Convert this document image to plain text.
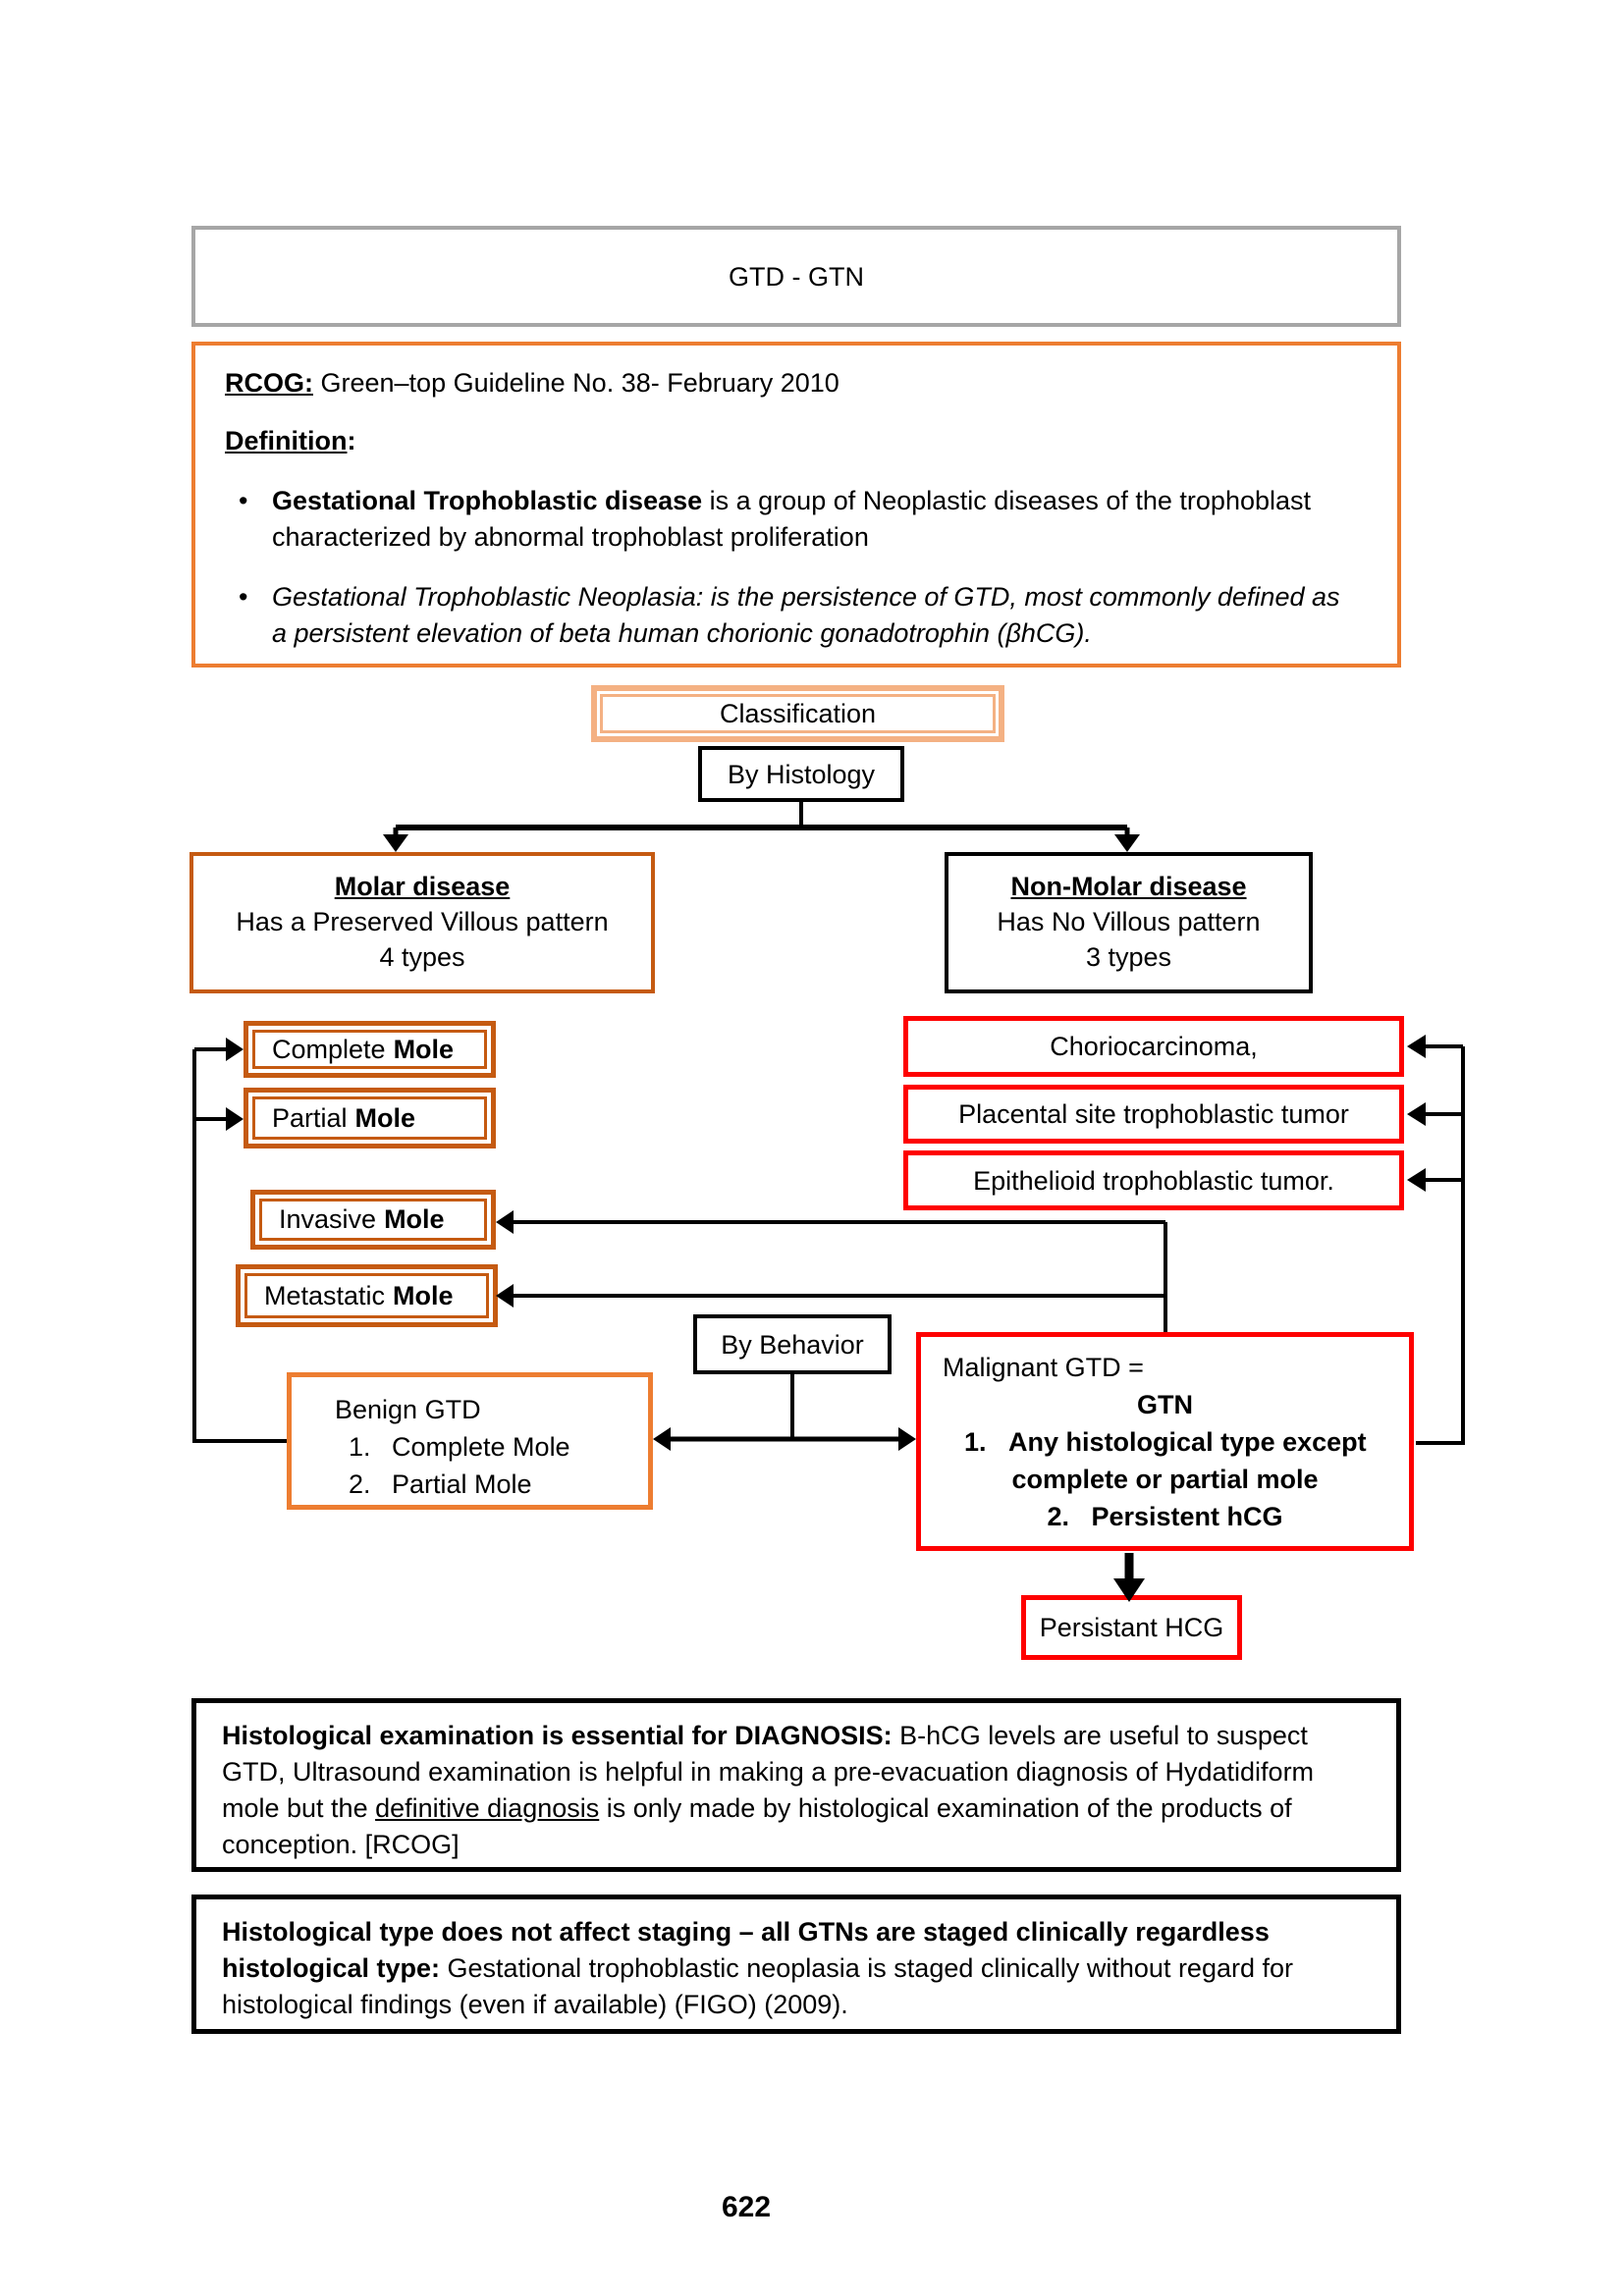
GTD - GTN

RCOG: Green–top Guideline No. 38- February 2010

Definition:

• Gestational Trophoblastic disease is a group of Neoplastic diseases of the trophoblast characterized by abnormal trophoblast proliferation
• Gestational Trophoblastic Neoplasia: is the persistence of GTD, most commonly defined as a persistent elevation of beta human chorionic gonadotrophin (βhCG).
Classification
By Histology
Molar disease
Has a Preserved Villous pattern
4 types
Non-Molar disease
Has No Villous pattern
3 types
Complete Mole
Partial Mole
Invasive Mole
Metastatic Mole
Choriocarcinoma,
Placental site trophoblastic tumor
Epithelioid trophoblastic tumor.
By Behavior
Benign GTD
1. Complete Mole
2. Partial Mole
Malignant GTD =
GTN
1. Any histological type except
complete or partial mole
2. Persistent hCG
Persistant HCG
Histological examination is essential for DIAGNOSIS: B-hCG levels are useful to suspect GTD, Ultrasound examination is helpful in making a pre-evacuation diagnosis of Hydatidiform mole but the definitive diagnosis is only made by histological examination of the products of conception. [RCOG]
Histological type does not affect staging – all GTNs are staged clinically regardless histological type: Gestational trophoblastic neoplasia is staged clinically without regard for histological findings (even if available) (FIGO) (2009).
622
